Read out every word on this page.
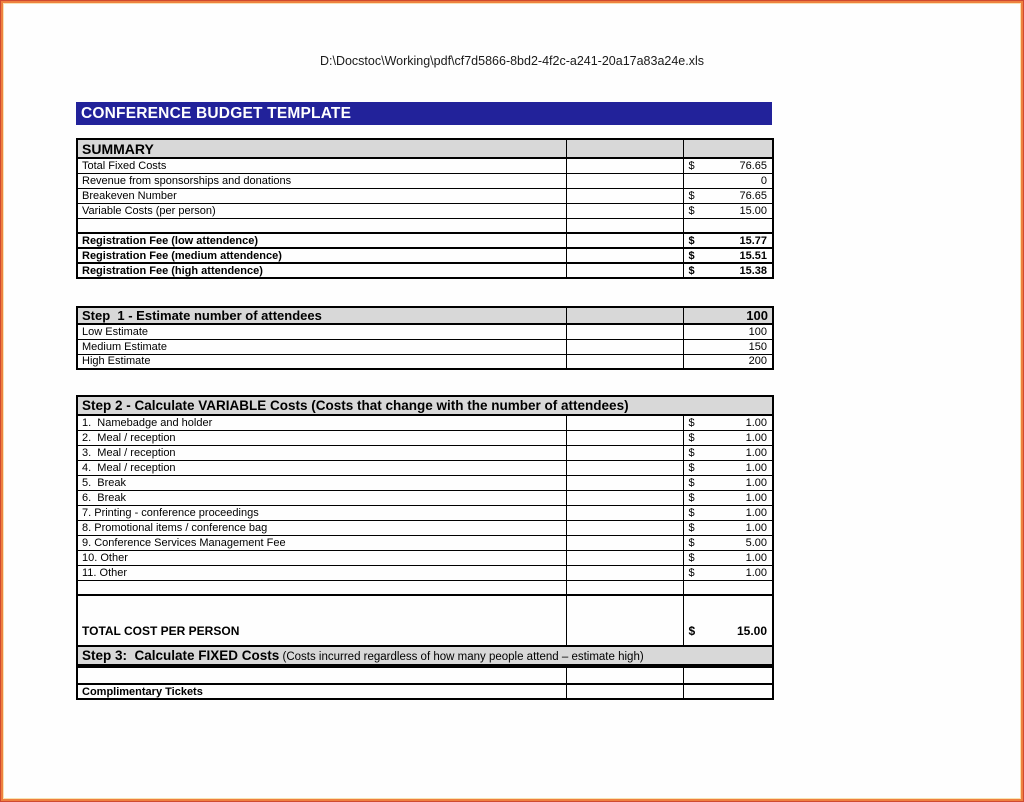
D:\Docstoc\Working\pdf\cf7d5866-8bd2-4f2c-a241-20a17a83a24e.xls
CONFERENCE BUDGET TEMPLATE
SUMMARY		
Total Fixed Costs		$ 76.65

Revenue from sponsorships and donations		0

Breakeven Number		$ 76.65

Variable Costs (per person)		$ 15.00

Registration Fee (low attendence)		$ 15.77

Registration Fee (medium attendence)		$ 15.51

Registration Fee (high attendence)		$ 15.38
Step  1 - Estimate number of attendees		100
Low Estimate		100

Medium Estimate		150

High Estimate		200
Step 2 - Calculate VARIABLE Costs (Costs that change with the number of attendees)		
1.  Namebadge and holder		$ 1.00

2.  Meal / reception		$ 1.00

3.  Meal / reception		$ 1.00

4.  Meal / reception		$ 1.00

5.  Break		$ 1.00

6.  Break		$ 1.00

7. Printing - conference proceedings		$ 1.00

8. Promotional items / conference bag		$ 1.00

9. Conference Services Management Fee		$ 5.00

10. Other		$ 1.00

11. Other		$ 1.00

TOTAL COST PER PERSON		$ 15.00

Step 3:  Calculate FIXED Costs (Costs incurred regardless of how many people attend – estimate high)		

Complimentary Tickets		
